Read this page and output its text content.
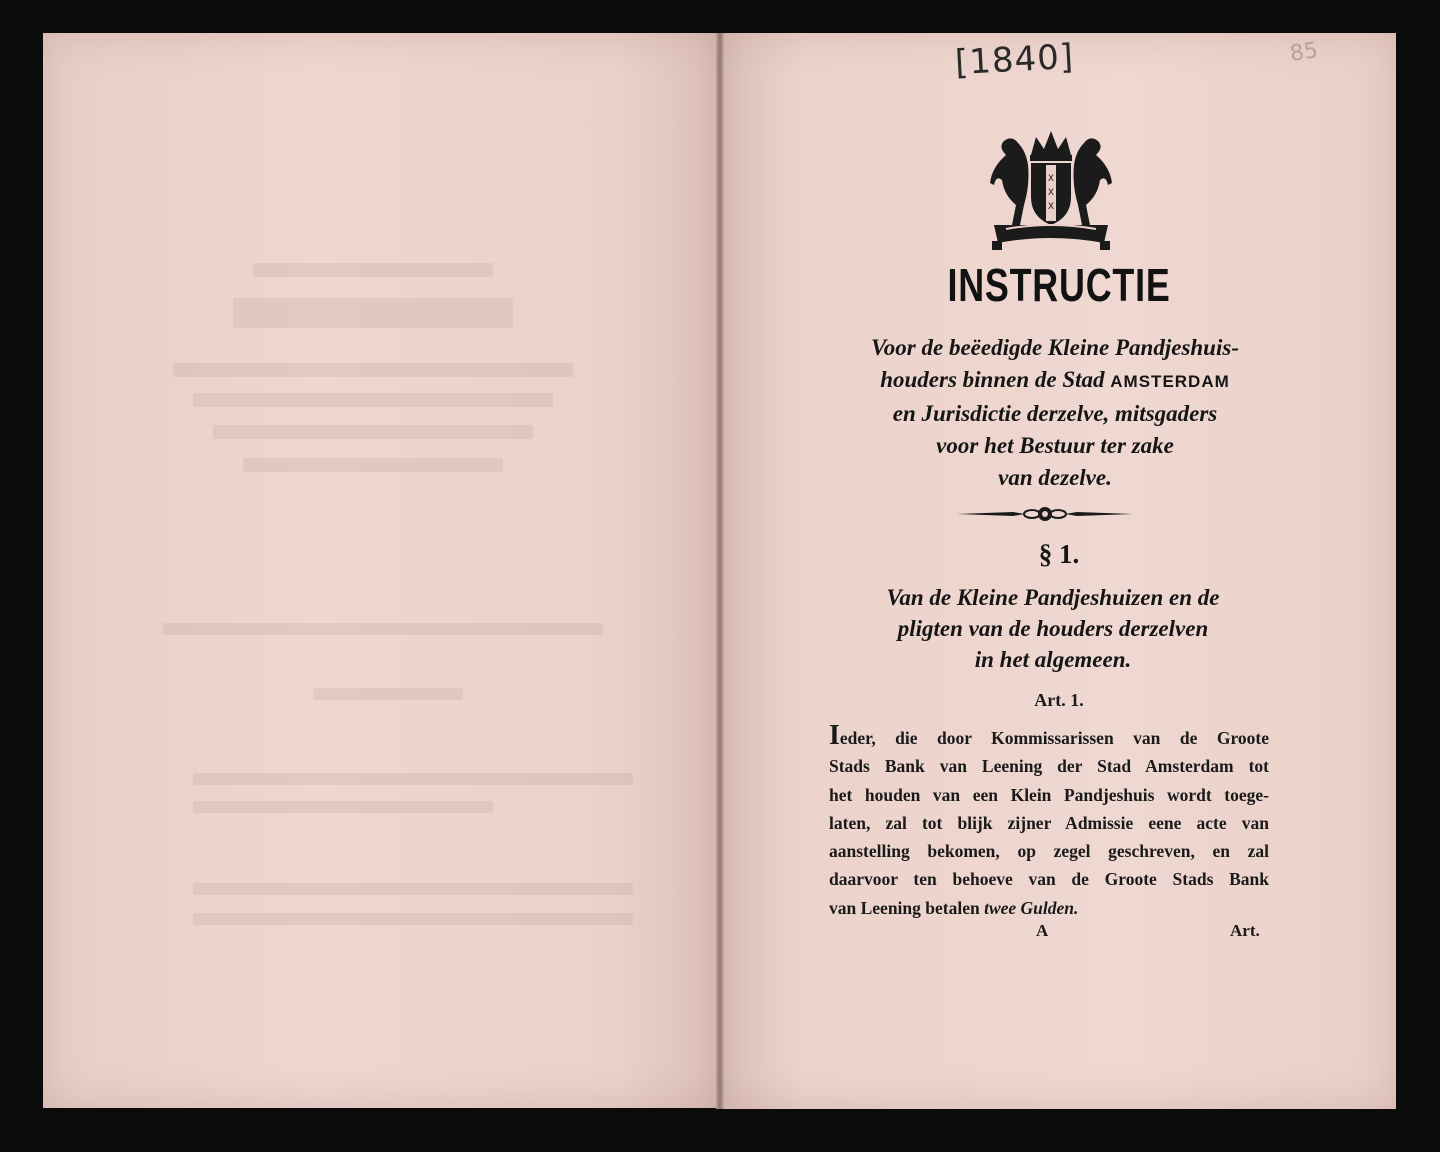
[1840]	85
X
X
X
INSTRUCTIE
Voor de beëedigde Kleine Pandjeshuis-
houders binnen de Stad AMSTERDAM
en Jurisdictie derzelve, mitsgaders
voor het Bestuur ter zake
van dezelve.
§ 1.
Van de Kleine Pandjeshuizen en de
pligten van de houders derzelven
in het algemeen.
Art. 1.
Ieder, die door Kommissarissen van de Groote
Stads Bank van Leening der Stad Amsterdam tot
het houden van een Klein Pandjeshuis wordt toege-
laten, zal tot blijk zijner Admissie eene acte van
aanstelling bekomen, op zegel geschreven, en zal
daarvoor ten behoeve van de Groote Stads Bank
van Leening betalen twee Gulden.
A	Art.
